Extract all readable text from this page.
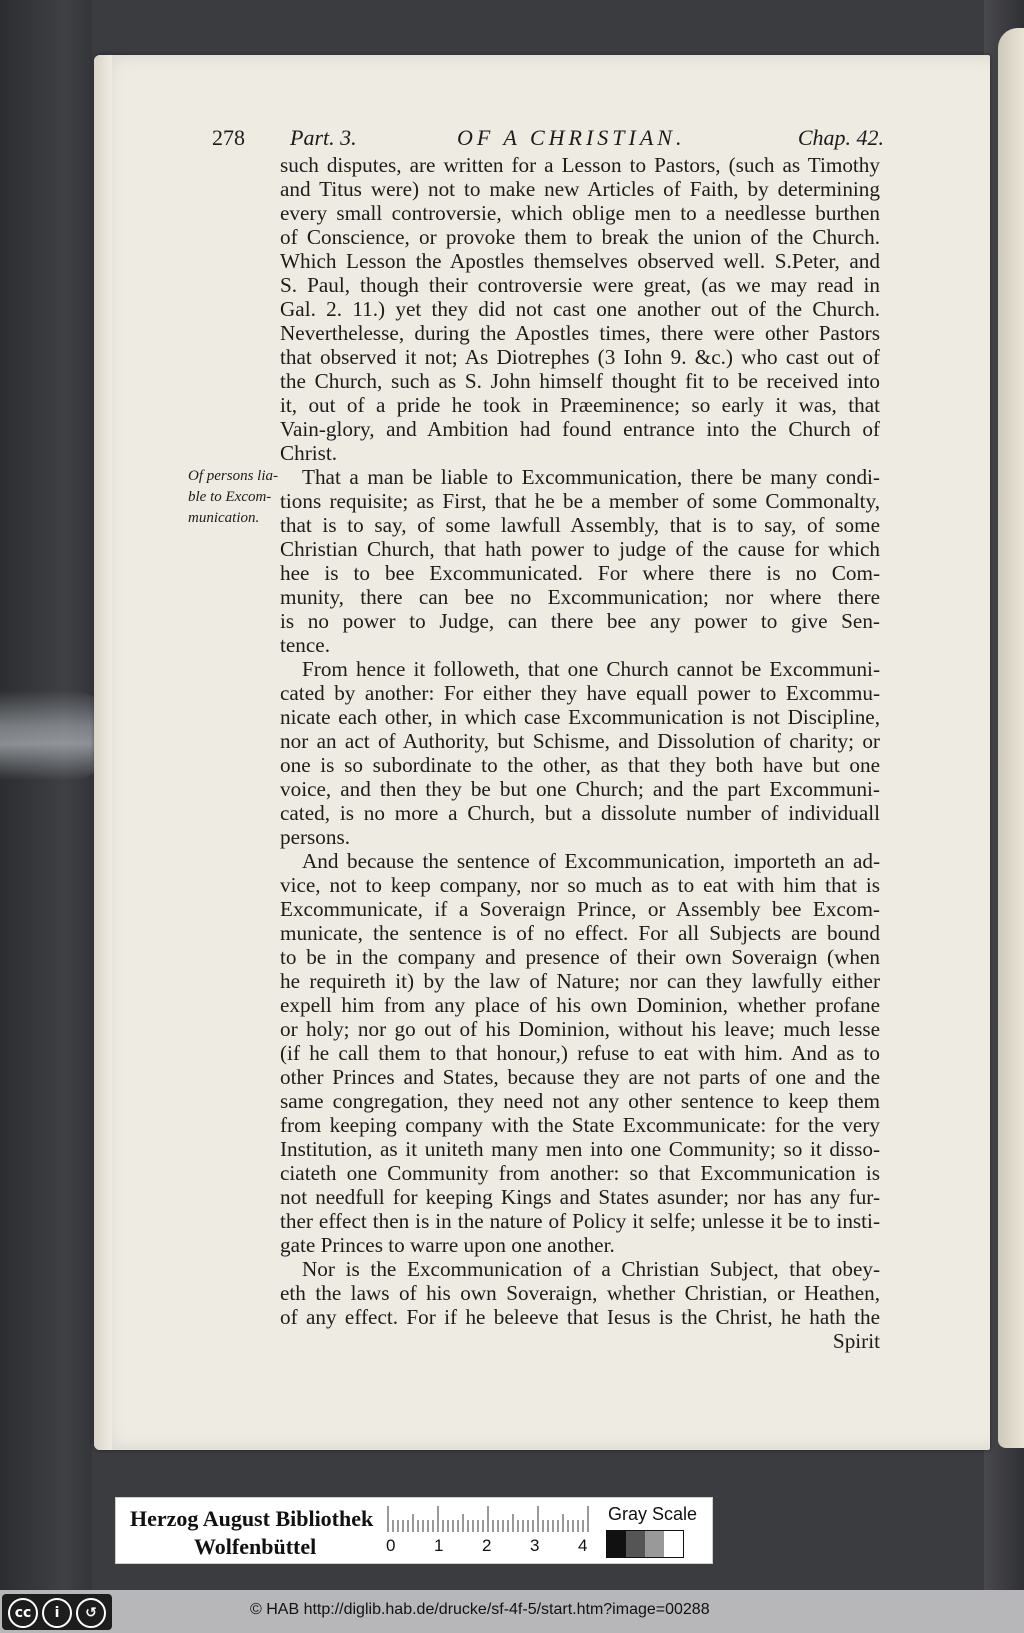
278 Part. 3.	OF A CHRISTIAN.	Chap. 42.
Of persons lia-
ble to Excom-
munication.
such disputes, are written for a Lesson to Pastors, (such as Timothy
and Titus were) not to make new Articles of Faith, by determining
every small controversie, which oblige men to a needlesse burthen
of Conscience, or provoke them to break the union of the Church.
Which Lesson the Apostles themselves observed well. S.Peter, and
S. Paul, though their controversie were great, (as we may read in
Gal. 2. 11.) yet they did not cast one another out of the Church.
Neverthelesse, during the Apostles times, there were other Pastors
that observed it not; As Diotrephes (3 Iohn 9. &c.) who cast out of
the Church, such as S. John himself thought fit to be received into
it, out of a pride he took in Præeminence; so early it was, that
Vain-glory, and Ambition had found entrance into the Church of
Christ.
That a man be liable to Excommunication, there be many condi-
tions requisite; as First, that he be a member of some Commonalty,
that is to say, of some lawfull Assembly, that is to say, of some
Christian Church, that hath power to judge of the cause for which
hee is to bee Excommunicated. For where there is no Com-
munity, there can bee no Excommunication; nor where there
is no power to Judge, can there bee any power to give Sen-
tence.
From hence it followeth, that one Church cannot be Excommuni-
cated by another: For either they have equall power to Excommu-
nicate each other, in which case Excommunication is not Discipline,
nor an act of Authority, but Schisme, and Dissolution of charity; or
one is so subordinate to the other, as that they both have but one
voice, and then they be but one Church; and the part Excommuni-
cated, is no more a Church, but a dissolute number of individuall
persons.
And because the sentence of Excommunication, importeth an ad-
vice, not to keep company, nor so much as to eat with him that is
Excommunicate, if a Soveraign Prince, or Assembly bee Excom-
municate, the sentence is of no effect. For all Subjects are bound
to be in the company and presence of their own Soveraign (when
he requireth it) by the law of Nature; nor can they lawfully either
expell him from any place of his own Dominion, whether profane
or holy; nor go out of his Dominion, without his leave; much lesse
(if he call them to that honour,) refuse to eat with him. And as to
other Princes and States, because they are not parts of one and the
same congregation, they need not any other sentence to keep them
from keeping company with the State Excommunicate: for the very
Institution, as it uniteth many men into one Community; so it disso-
ciateth one Community from another: so that Excommunication is
not needfull for keeping Kings and States asunder; nor has any fur-
ther effect then is in the nature of Policy it selfe; unlesse it be to insti-
gate Princes to warre upon one another.
Nor is the Excommunication of a Christian Subject, that obey-
eth the laws of his own Soveraign, whether Christian, or Heathen,
of any effect. For if he beleeve that Iesus is the Christ, he hath the
Spirit
Herzog August Bibliothek
Wolfenbüttel	0 1 2 3 4
Gray Scale
cc	i	↺	© HAB http://diglib.hab.de/drucke/sf-4f-5/start.htm?image=00288
